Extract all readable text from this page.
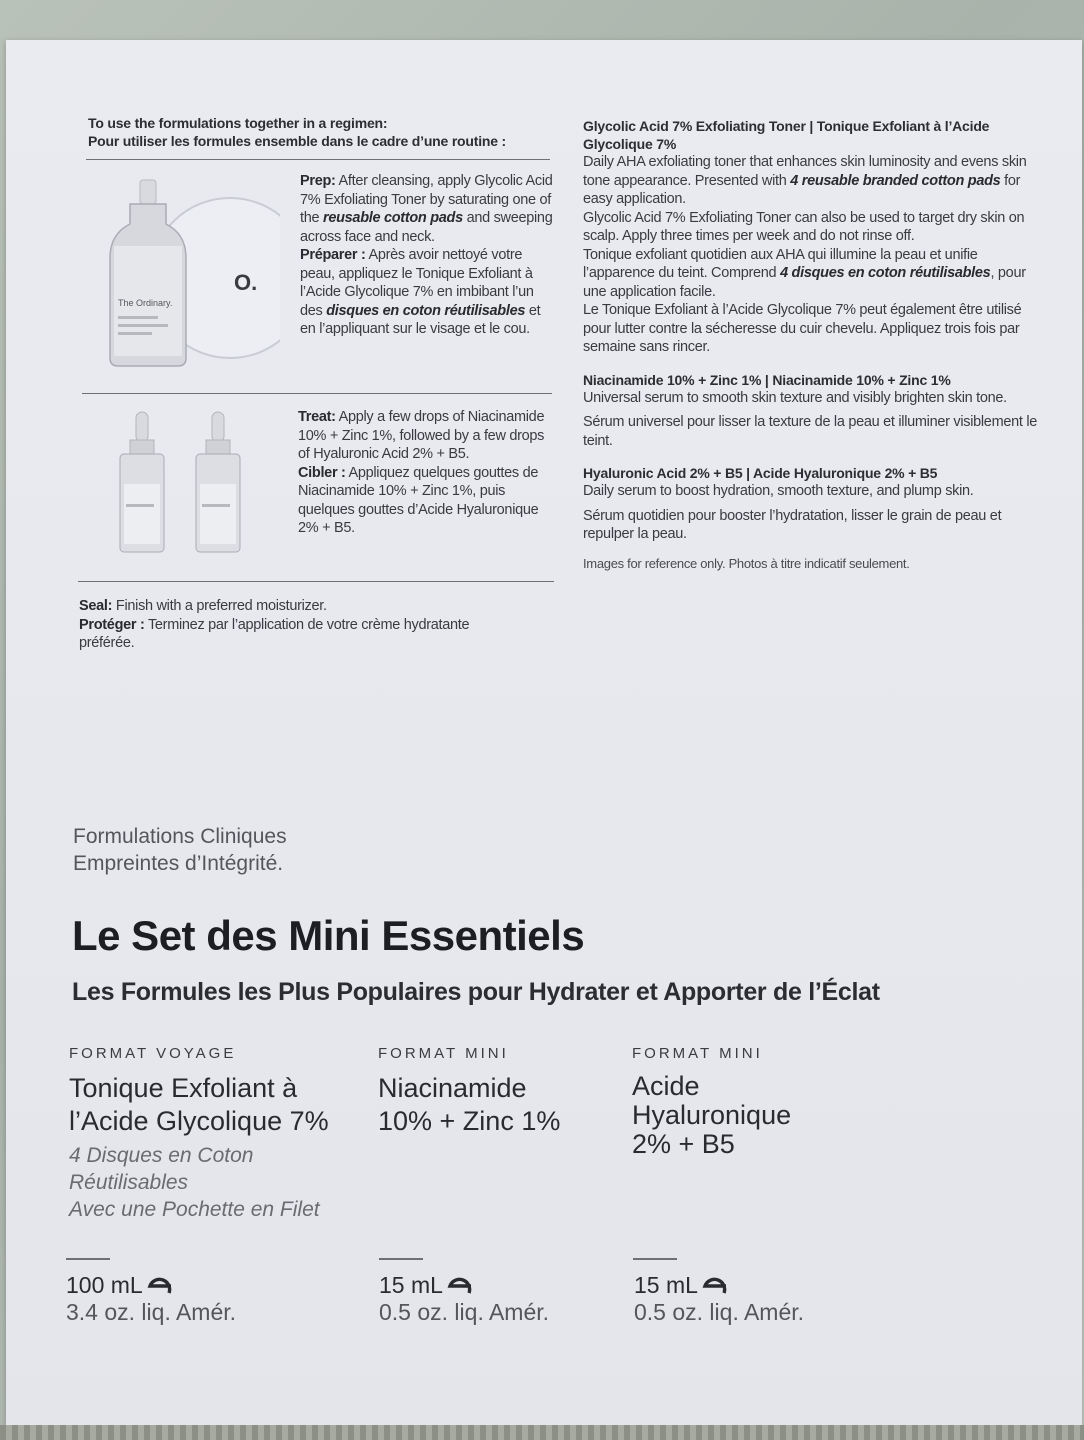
To use the formulations together in a regimen:
Pour utiliser les formules ensemble dans le cadre d’une routine :
The Ordinary.
O.
Prep: After cleansing, apply Glycolic Acid 7% Exfoliating Toner by saturating one of the reusable cotton pads and sweeping across face and neck.
Préparer : Après avoir nettoyé votre peau, appliquez le Tonique Exfoliant à l’Acide Glycolique 7% en imbibant l’un des disques en coton réutilisables et en l’appliquant sur le visage et le cou.
Treat: Apply a few drops of Niacinamide 10% + Zinc 1%, followed by a few drops of Hyaluronic Acid 2% + B5.
Cibler : Appliquez quelques gouttes de Niacinamide 10% + Zinc 1%, puis quelques gouttes d’Acide Hyaluronique 2% + B5.
Seal: Finish with a preferred moisturizer.
Protéger : Terminez par l’application de votre crème hydratante préférée.
Glycolic Acid 7% Exfoliating Toner | Tonique Exfoliant à l’Acide Glycolique 7%
Daily AHA exfoliating toner that enhances skin luminosity and evens skin tone appearance. Presented with 4 reusable branded cotton pads for easy application.
Glycolic Acid 7% Exfoliating Toner can also be used to target dry skin on scalp. Apply three times per week and do not rinse off.
Tonique exfoliant quotidien aux AHA qui illumine la peau et unifie l’apparence du teint. Comprend 4 disques en coton réutilisables, pour une application facile.
Le Tonique Exfoliant à l’Acide Glycolique 7% peut également être utilisé pour lutter contre la sécheresse du cuir chevelu. Appliquez trois fois par semaine sans rincer.
Niacinamide 10% + Zinc 1% | Niacinamide 10% + Zinc 1%
Universal serum to smooth skin texture and visibly brighten skin tone.
Sérum universel pour lisser la texture de la peau et illuminer visiblement le teint.
Hyaluronic Acid 2% + B5 | Acide Hyaluronique 2% + B5
Daily serum to boost hydration, smooth texture, and plump skin.
Sérum quotidien pour booster l’hydratation, lisser le grain de peau et repulper la peau.
Images for reference only. Photos à titre indicatif seulement.
Formulations Cliniques
Empreintes d’Intégrité.
Le Set des Mini Essentiels
Les Formules les Plus Populaires pour Hydrater et Apporter de l’Éclat
FORMAT VOYAGE
Tonique Exfoliant à
l’Acide Glycolique 7%
4 Disques en Coton
Réutilisables
Avec une Pochette en Filet
FORMAT MINI
Niacinamide
10% + Zinc 1%
FORMAT MINI
Acide
Hyaluronique
2% + B5
100 mL
3.4 oz. liq. Amér.
15 mL
0.5 oz. liq. Amér.
15 mL
0.5 oz. liq. Amér.
